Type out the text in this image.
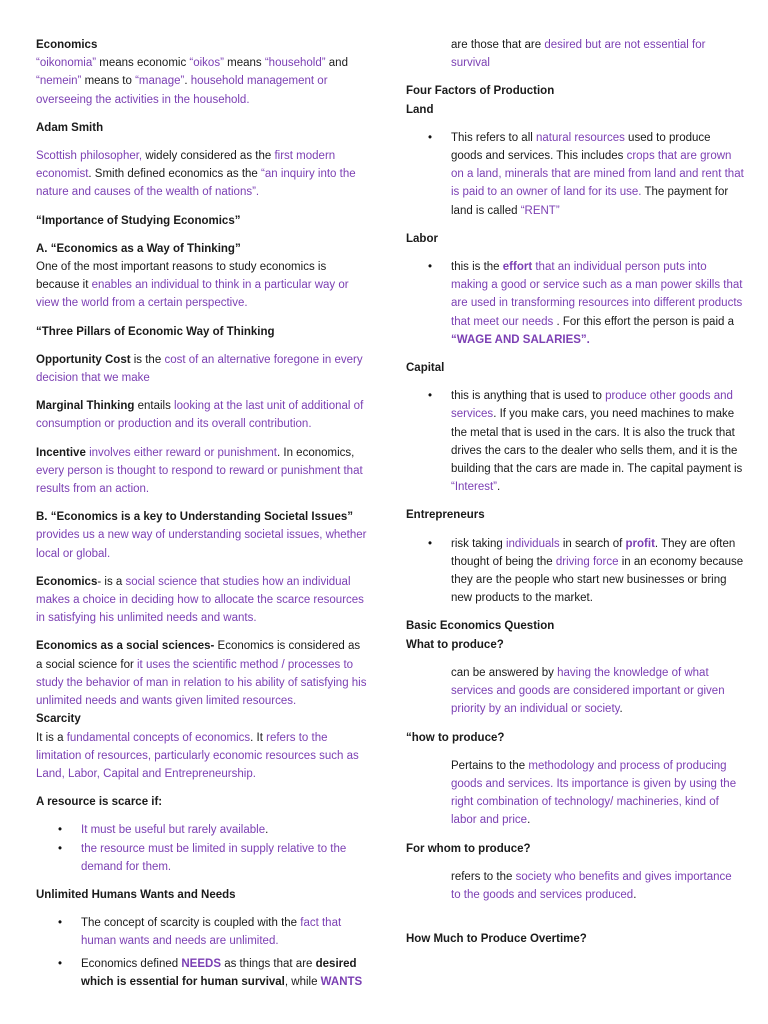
Economics

“oikonomia” means economic “oikos” means “household” and “nemein” means to “manage”. household management or overseeing the activities in the household.

Adam Smith

Scottish philosopher, widely considered as the first modern economist. Smith defined economics as the “an inquiry into the nature and causes of the wealth of nations”.

“Importance of Studying Economics”
A. “Economics as a Way of Thinking”

One of the most important reasons to study economics is because it enables an individual to think in a particular way or view the world from a certain perspective.

“Three Pillars of Economic Way of Thinking

Opportunity Cost is the cost of an alternative foregone in every decision that we make

Marginal Thinking entails looking at the last unit of additional of consumption or production and its overall contribution.

Incentive involves either reward or punishment. In economics, every person is thought to respond to reward or punishment that results from an action.

B. “Economics is a key to Understanding Societal Issues”

provides us a new way of understanding societal issues, whether local or global.

Economics- is a social science that studies how an individual makes a choice in deciding how to allocate the scarce resources in satisfying his unlimited needs and wants.

Economics as a social sciences- Economics is considered as a social science for it uses the scientific method / processes to study the behavior of man in relation to his ability of satisfying his unlimited needs and wants given limited resources.

Scarcity

It is a fundamental concepts of economics. It refers to the limitation of resources, particularly economic resources such as Land, Labor, Capital and Entrepreneurship.

A resource is scarce if:
• It must be useful but rarely available.
• the resource must be limited in supply relative to the demand for them.
Unlimited Humans Wants and Needs
• The concept of scarcity is coupled with the fact that human wants and needs are unlimited.
• Economics defined NEEDS as things that are desired which is essential for human survival, while WANTS

are those that are desired but are not essential for survival

Four Factors of Production
Land
• This refers to all natural resources used to produce goods and services. This includes crops that are grown on a land, minerals that are mined from land and rent that is paid to an owner of land for its use. The payment for land is called “RENT”
Labor
• this is the effort that an individual person puts into making a good or service such as a man power skills that are used in transforming resources into different products that meet our needs . For this effort the person is paid a “WAGE AND SALARIES”.
Capital
• this is anything that is used to produce other goods and services. If you make cars, you need machines to make the metal that is used in the cars. It is also the truck that drives the cars to the dealer who sells them, and it is the building that the cars are made in. The capital payment is “Interest”.
Entrepreneurs
• risk taking individuals in search of profit. They are often thought of being the driving force in an economy because they are the people who start new businesses or bring new products to the market.
Basic Economics Question
What to produce?

can be answered by having the knowledge of what services and goods are considered important or given priority by an individual or society.

“how to produce?

Pertains to the methodology and process of producing goods and services. Its importance is given by using the right combination of technology/ machineries, kind of labor and price.

For whom to produce?

refers to the society who benefits and gives importance to the goods and services produced.

How Much to Produce Overtime?
